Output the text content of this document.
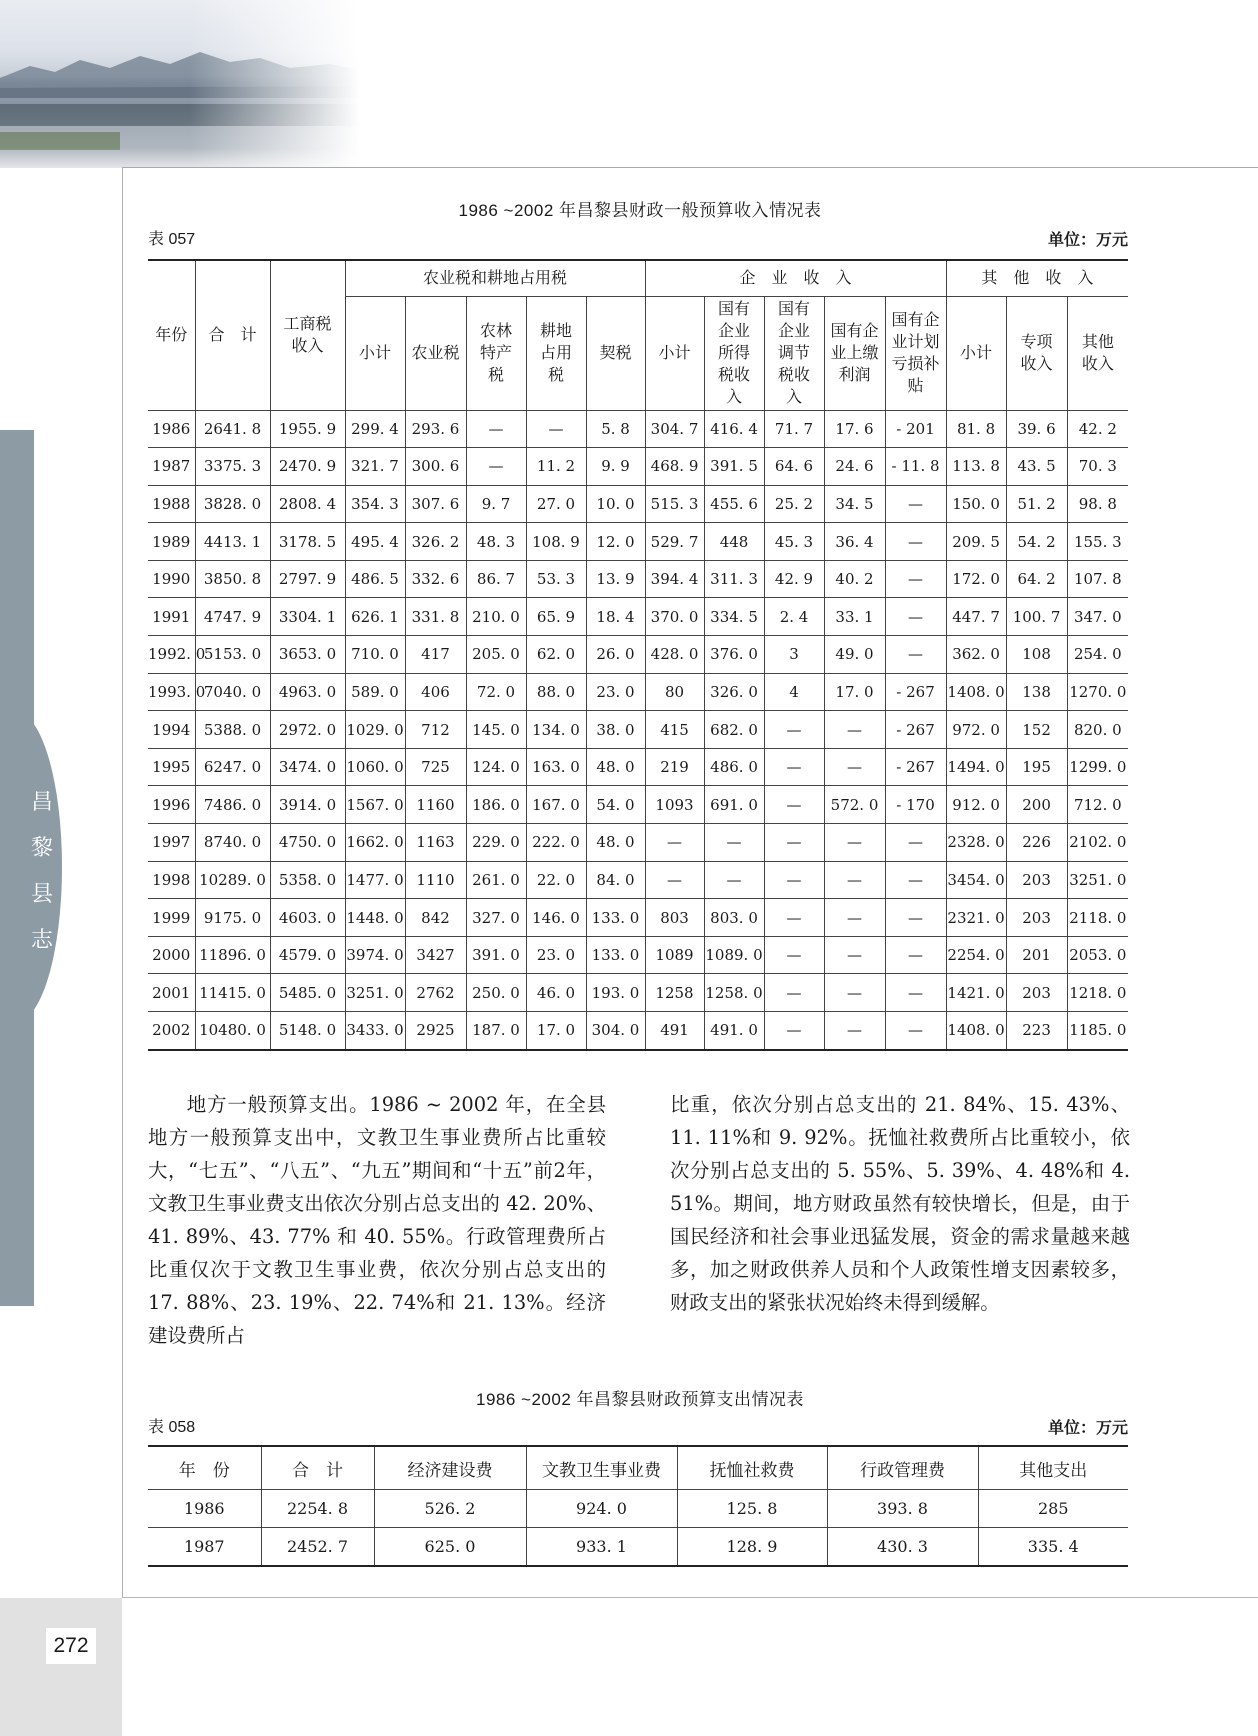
昌
黎
县
志
1986 ~2002 年昌黎县财政一般预算收入情况表
表 057	单位：万元
年份	合　计	工商税收入	农业税和耕地占用税					企　业　收　入					其　他　收　入		
			小计	农业税	农林特产税	耕地占用税	契税	小计	国有企业所得税收入	国有企业调节税收入	国有企业上缴利润	国有企业计划亏损补贴	小计	专项收入	其他收入
1986	2641. 8	1955. 9	299. 4	293. 6	—	—	5. 8	304. 7	416. 4	71. 7	17. 6	- 201	81. 8	39. 6	42. 2
1987	3375. 3	2470. 9	321. 7	300. 6	—	11. 2	9. 9	468. 9	391. 5	64. 6	24. 6	- 11. 8	113. 8	43. 5	70. 3
1988	3828. 0	2808. 4	354. 3	307. 6	9. 7	27. 0	10. 0	515. 3	455. 6	25. 2	34. 5	—	150. 0	51. 2	98. 8
1989	4413. 1	3178. 5	495. 4	326. 2	48. 3	108. 9	12. 0	529. 7	448	45. 3	36. 4	—	209. 5	54. 2	155. 3
1990	3850. 8	2797. 9	486. 5	332. 6	86. 7	53. 3	13. 9	394. 4	311. 3	42. 9	40. 2	—	172. 0	64. 2	107. 8
1991	4747. 9	3304. 1	626. 1	331. 8	210. 0	65. 9	18. 4	370. 0	334. 5	2. 4	33. 1	—	447. 7	100. 7	347. 0
1992. 0	5153. 0	3653. 0	710. 0	417	205. 0	62. 0	26. 0	428. 0	376. 0	3	49. 0	—	362. 0	108	254. 0
1993. 0	7040. 0	4963. 0	589. 0	406	72. 0	88. 0	23. 0	80	326. 0	4	17. 0	- 267	1408. 0	138	1270. 0
1994	5388. 0	2972. 0	1029. 0	712	145. 0	134. 0	38. 0	415	682. 0	—	—	- 267	972. 0	152	820. 0
1995	6247. 0	3474. 0	1060. 0	725	124. 0	163. 0	48. 0	219	486. 0	—	—	- 267	1494. 0	195	1299. 0
1996	7486. 0	3914. 0	1567. 0	1160	186. 0	167. 0	54. 0	1093	691. 0	—	572. 0	- 170	912. 0	200	712. 0
1997	8740. 0	4750. 0	1662. 0	1163	229. 0	222. 0	48. 0	—	—	—	—	—	2328. 0	226	2102. 0
1998	10289. 0	5358. 0	1477. 0	1110	261. 0	22. 0	84. 0	—	—	—	—	—	3454. 0	203	3251. 0
1999	9175. 0	4603. 0	1448. 0	842	327. 0	146. 0	133. 0	803	803. 0	—	—	—	2321. 0	203	2118. 0
2000	11896. 0	4579. 0	3974. 0	3427	391. 0	23. 0	133. 0	1089	1089. 0	—	—	—	2254. 0	201	2053. 0
2001	11415. 0	5485. 0	3251. 0	2762	250. 0	46. 0	193. 0	1258	1258. 0	—	—	—	1421. 0	203	1218. 0
2002	10480. 0	5148. 0	3433. 0	2925	187. 0	17. 0	304. 0	491	491. 0	—	—	—	1408. 0	223	1185. 0
地方一般预算支出。1986 ~ 2002 年，在全县地方一般预算支出中，文教卫生事业费所占比重较大，“七五”、“八五”、“九五”期间和“十五”前2年，文教卫生事业费支出依次分别占总支出的 42. 20%、41. 89%、43. 77% 和 40. 55%。行政管理费所占比重仅次于文教卫生事业费，依次分别占总支出的 17. 88%、23. 19%、22. 74%和 21. 13%。经济建设费所占
比重，依次分别占总支出的 21. 84%、15. 43%、11. 11%和 9. 92%。抚恤社救费所占比重较小，依次分别占总支出的 5. 55%、5. 39%、4. 48%和 4. 51%。期间，地方财政虽然有较快增长，但是，由于国民经济和社会事业迅猛发展，资金的需求量越来越多，加之财政供养人员和个人政策性增支因素较多，财政支出的紧张状况始终未得到缓解。
1986 ~2002 年昌黎县财政预算支出情况表
表 058	单位：万元
年　份	合　计	经济建设费	文教卫生事业费	抚恤社救费	行政管理费	其他支出
1986	2254. 8	526. 2	924. 0	125. 8	393. 8	285
1987	2452. 7	625. 0	933. 1	128. 9	430. 3	335. 4
272
